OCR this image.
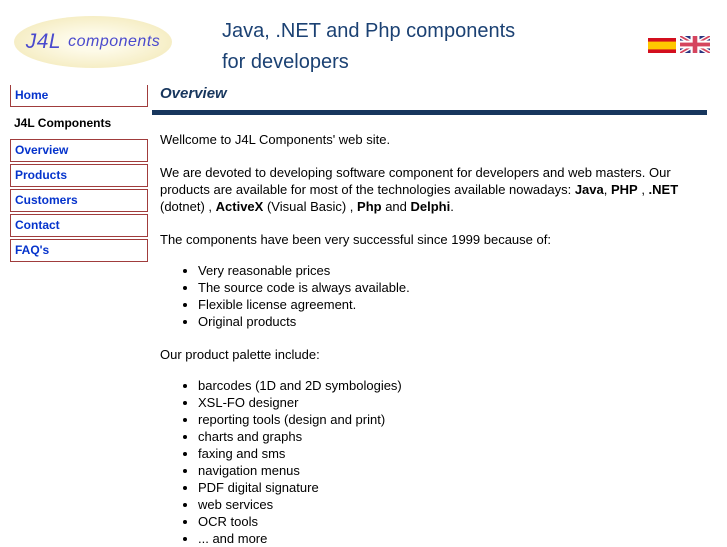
J4L components	Java, .NET and Php components
for developers
Home
J4L Components
Overview
Products
Customers
Contact
FAQ's
Overview

Wellcome to J4L Components' web site.

We are devoted to developing software component for developers and web masters. Our products are available for most of the technologies available nowadays: Java, PHP , .NET (dotnet) , ActiveX (Visual Basic) , Php and Delphi.

The components have been very successful since 1999 because of:

• Very reasonable prices
• The source code is always available.
• Flexible license agreement.
• Original products

Our product palette include:

• barcodes (1D and 2D symbologies)
• XSL-FO designer
• reporting tools (design and print)
• charts and graphs
• faxing and sms
• navigation menus
• PDF digital signature
• web services
• OCR tools
• ... and more
